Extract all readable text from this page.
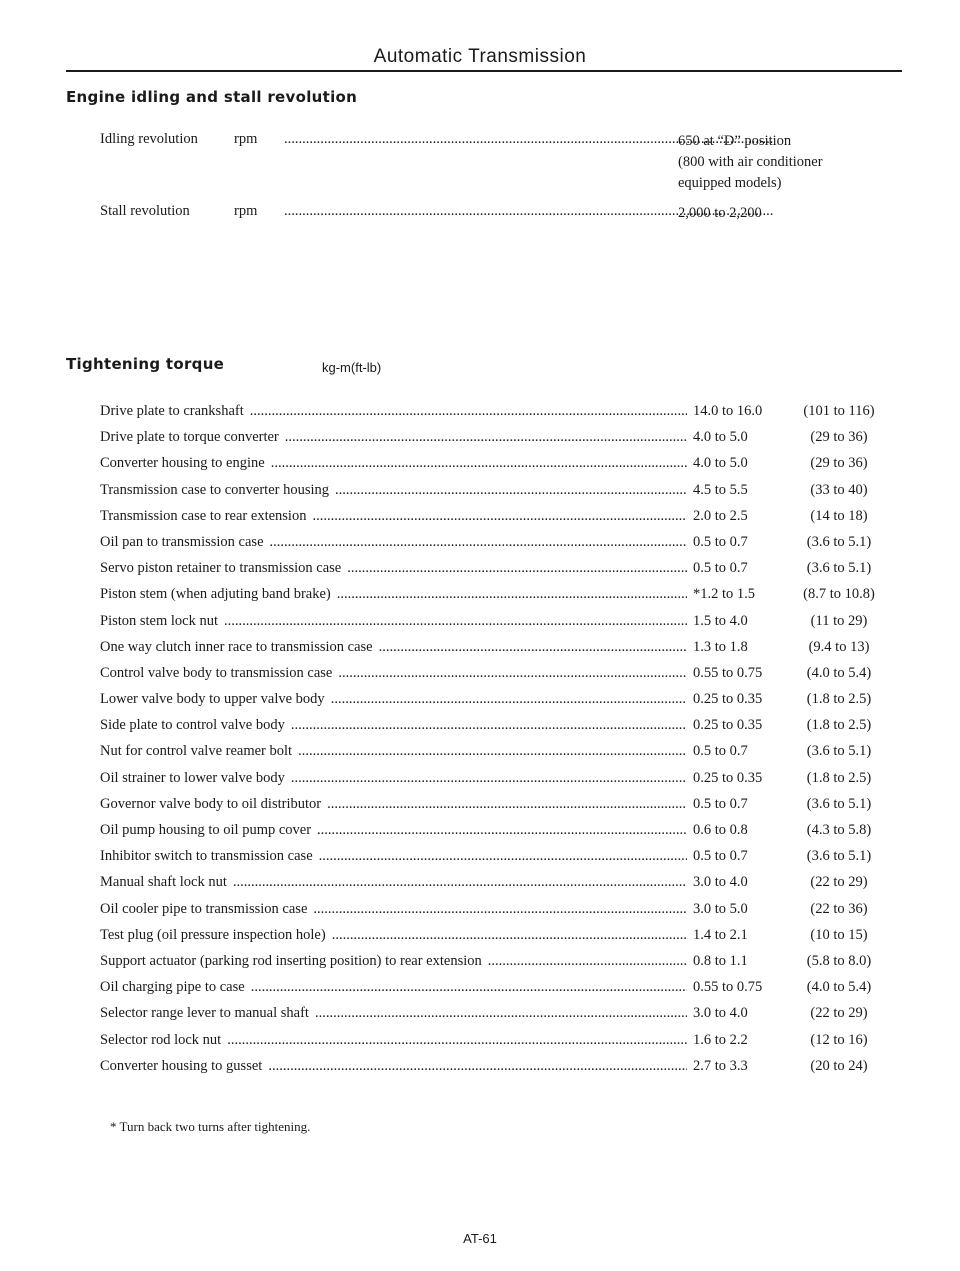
Automatic Transmission
Engine idling and stall revolution
Idling revolution rpm .....	650 at “D” position
(800 with air conditioner
equipped models)
Stall revolution	rpm .....	2,000 to 2,200
Tightening torque	kg-m(ft-lb)
Drive plate to crankshaft .....	14.0 to 16.0	(101 to 116)
Drive plate to torque converter .....	4.0 to 5.0	(29 to 36)
Converter housing to engine .....	4.0 to 5.0	(29 to 36)
Transmission case to converter housing .....	4.5 to 5.5	(33 to 40)
Transmission case to rear extension .....	2.0 to 2.5	(14 to 18)
Oil pan to transmission case .....	0.5 to 0.7	(3.6 to 5.1)
Servo piston retainer to transmission case .....	0.5 to 0.7	(3.6 to 5.1)
Piston stem (when adjuting band brake) .....	*1.2 to 1.5	(8.7 to 10.8)
Piston stem lock nut .....	1.5 to 4.0	(11 to 29)
One way clutch inner race to transmission case .....	1.3 to 1.8	(9.4 to 13)
Control valve body to transmission case .....	0.55 to 0.75	(4.0 to 5.4)
Lower valve body to upper valve body .....	0.25 to 0.35	(1.8 to 2.5)
Side plate to control valve body .....	0.25 to 0.35	(1.8 to 2.5)
Nut for control valve reamer bolt .....	0.5 to 0.7	(3.6 to 5.1)
Oil strainer to lower valve body .....	0.25 to 0.35	(1.8 to 2.5)
Governor valve body to oil distributor .....	0.5 to 0.7	(3.6 to 5.1)
Oil pump housing to oil pump cover .....	0.6 to 0.8	(4.3 to 5.8)
Inhibitor switch to transmission case .....	0.5 to 0.7	(3.6 to 5.1)
Manual shaft lock nut .....	3.0 to 4.0	(22 to 29)
Oil cooler pipe to transmission case .....	3.0 to 5.0	(22 to 36)
Test plug (oil pressure inspection hole) .....	1.4 to 2.1	(10 to 15)
Support actuator (parking rod inserting position) to rear extension .....	0.8 to 1.1	(5.8 to 8.0)
Oil charging pipe to case .....	0.55 to 0.75	(4.0 to 5.4)
Selector range lever to manual shaft .....	3.0 to 4.0	(22 to 29)
Selector rod lock nut .....	1.6 to 2.2	(12 to 16)
Converter housing to gusset .....	2.7 to 3.3	(20 to 24)
* Turn back two turns after tightening.
AT-61
